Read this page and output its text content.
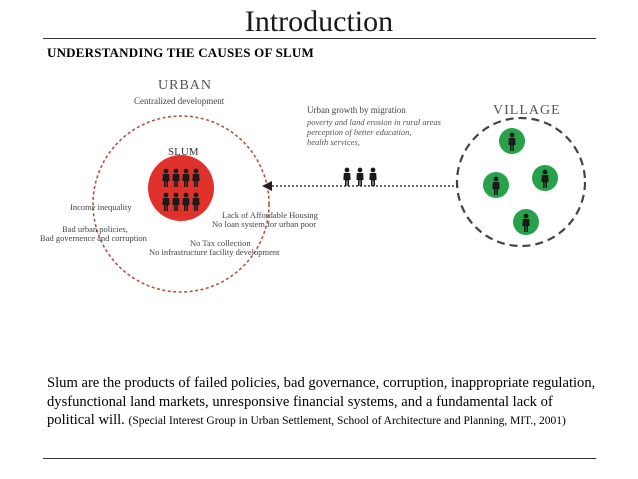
Introduction
UNDERSTANDING THE CAUSES OF SLUM
URBAN
Centralized development
SLUM
VILLAGE
Urban growth by migration
poverty and land erosion in rural areas
perception of better education,
health services,
Income inequality
Bad urban policies,
Bad governence and corruption
Lack of Affordable Housing
No loan system for urban poor
No Tax collection
No infrastructure facility development
Slum are the products of failed policies, bad governance, corruption, inappropriate regulation, dysfunctional land markets, unresponsive financial systems, and a fundamental lack of political will. (Special Interest Group in Urban Settlement, School of Architecture and Planning, MIT., 2001)
